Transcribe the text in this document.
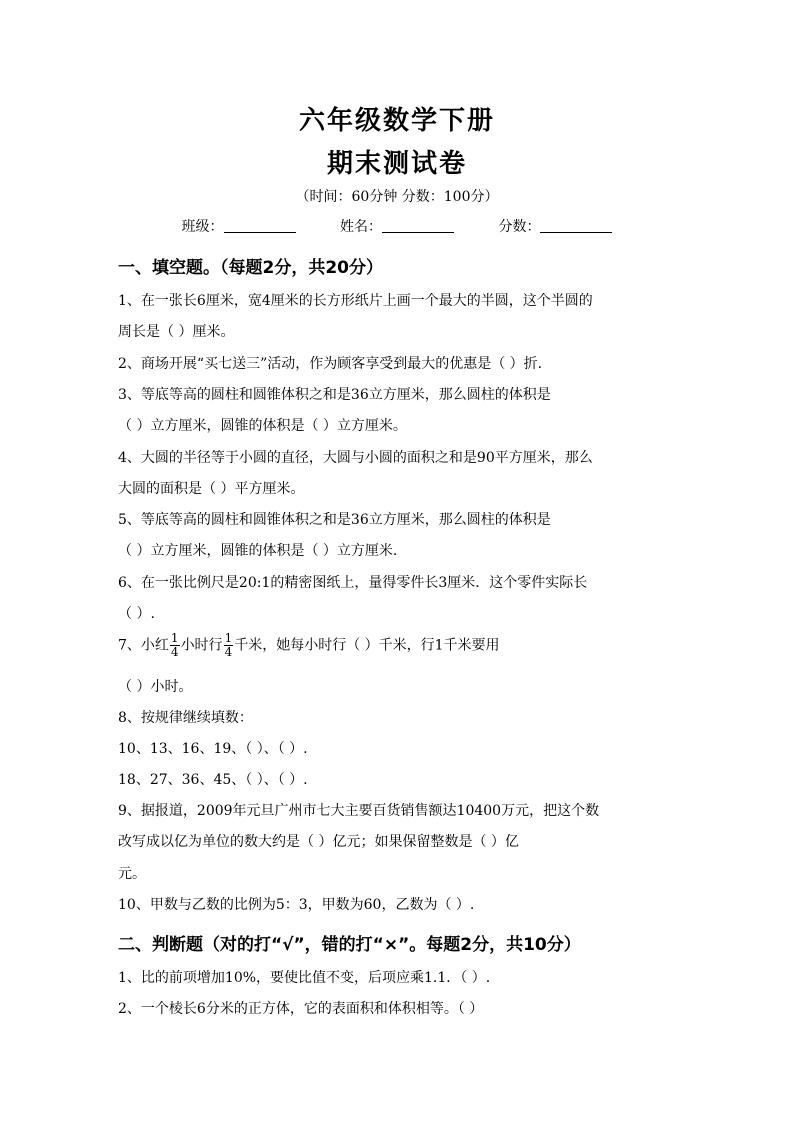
六年级数学下册
期末测试卷
（时间：60分钟 分数：100分）
班级：	姓名：	分数：
一、填空题。（每题2分，共20分）
1、在一张长6厘米，宽4厘米的长方形纸片上画一个最大的半圆，这个半圆的
周长是（ ）厘米。
2、商场开展“买七送三”活动，作为顾客享受到最大的优惠是（ ）折.
3、等底等高的圆柱和圆锥体积之和是36立方厘米，那么圆柱的体积是
（ ）立方厘米，圆锥的体积是（ ）立方厘米。
4、大圆的半径等于小圆的直径，大圆与小圆的面积之和是90平方厘米，那么
大圆的面积是（ ）平方厘米。
5、等底等高的圆柱和圆锥体积之和是36立方厘米，那么圆柱的体积是
（ ）立方厘米，圆锥的体积是（ ）立方厘米.
6、在一张比例尺是20:1的精密图纸上，量得零件长3厘米．这个零件实际长
（ ）.
7、小红 $\frac{1}{4}$ 小时行 $\frac{1}{4}$ 千米，她每小时行（ ）千米，行1千米要用
（ ）小时。
8、按规律继续填数：
10、13、16、19、（ ）、（ ）.
18、27、36、45、（ ）、（ ）.
9、据报道，2009年元旦广州市七大主要百货销售额达10400万元，把这个数
改写成以亿为单位的数大约是（ ）亿元；如果保留整数是（ ）亿
元。
10、甲数与乙数的比例为5：3，甲数为60，乙数为（ ）.
二、判断题（对的打“√”，错的打“×”。每题2分，共10分）
1、比的前项增加10%，要使比值不变，后项应乘1.1．（ ）.
2、一个棱长6分米的正方体，它的表面积和体积相等。（ ）
